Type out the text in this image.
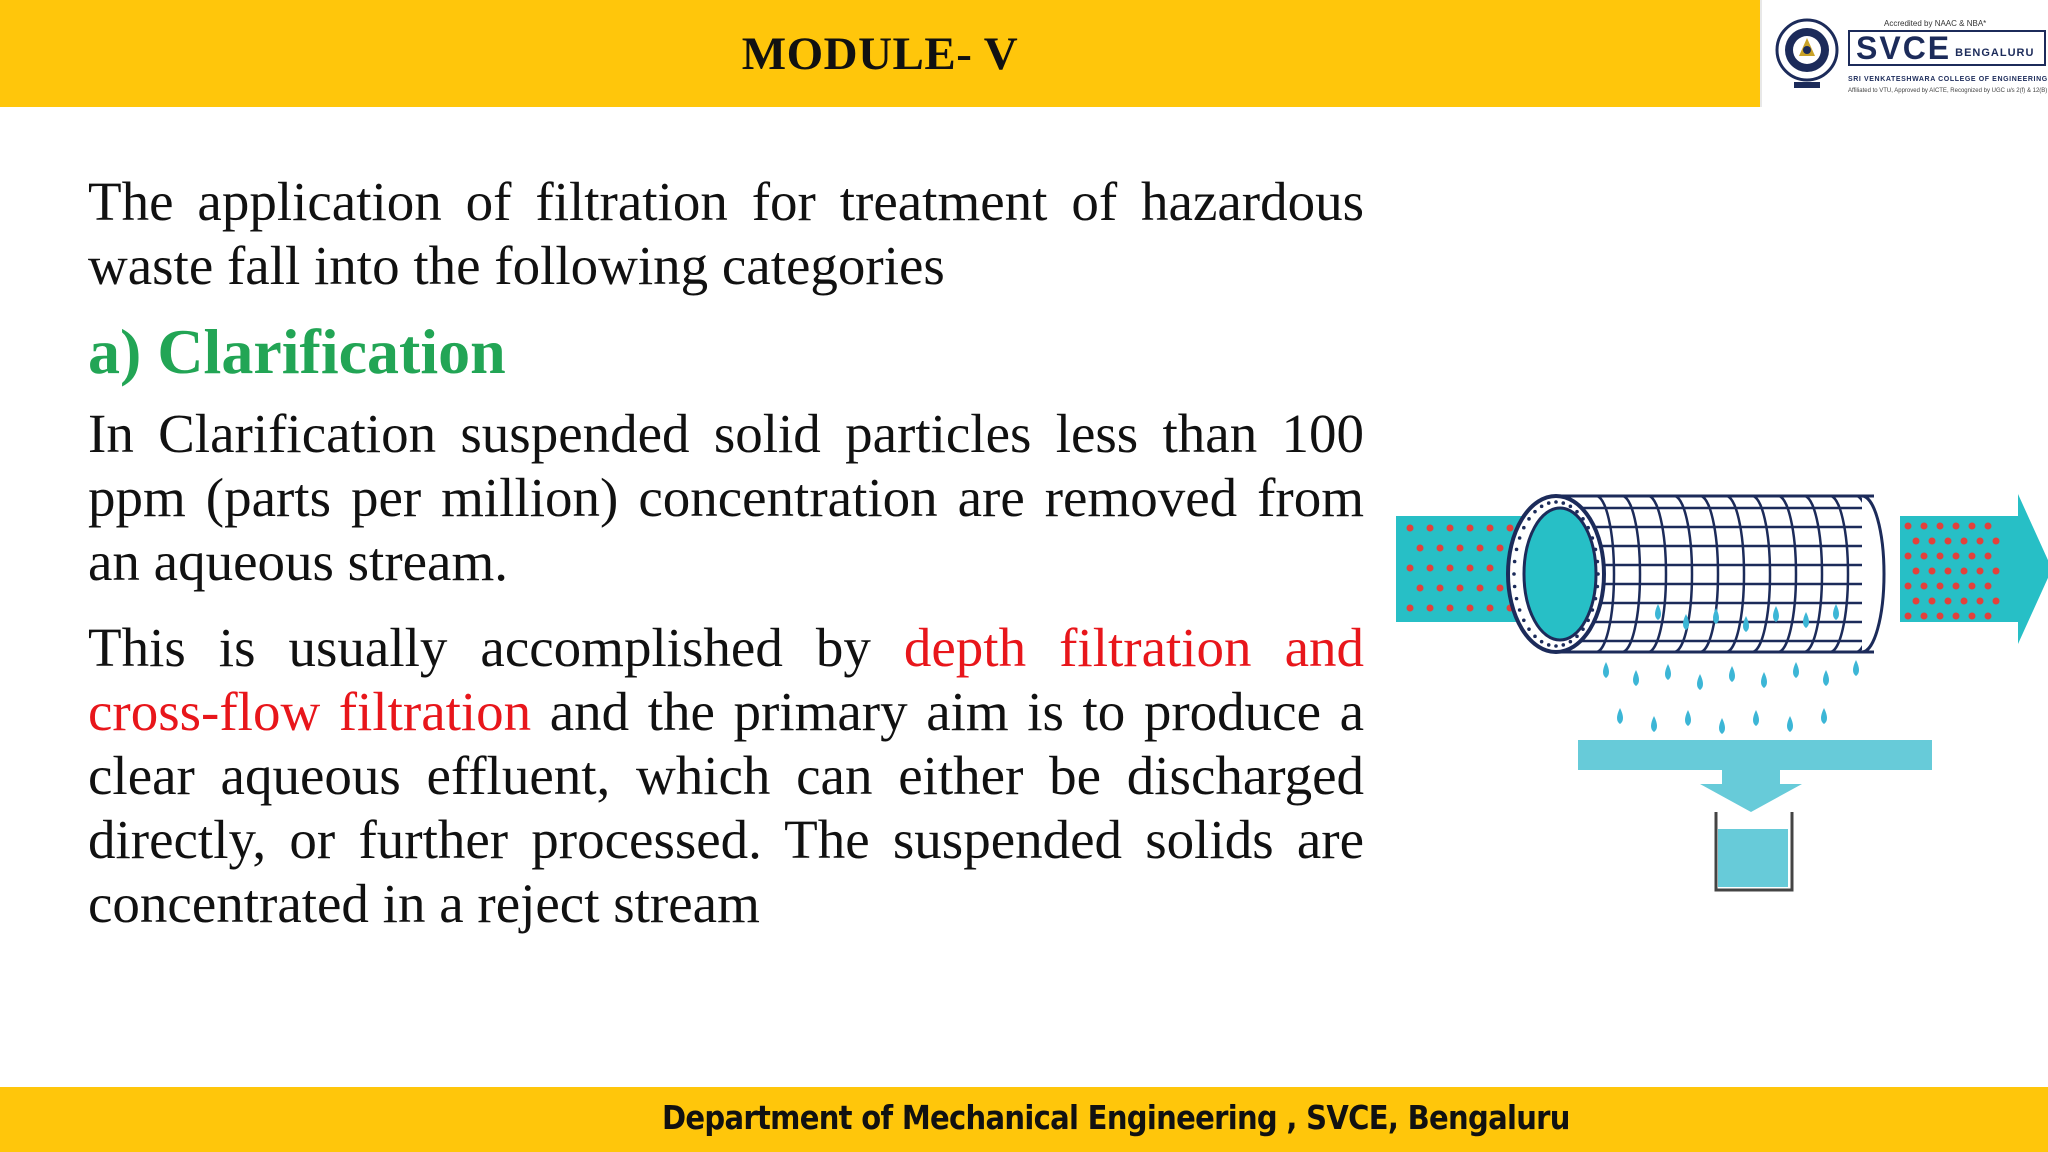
MODULE- V
Accredited by NAAC & NBA*
SVCE BENGALURU
SRI VENKATESHWARA COLLEGE OF ENGINEERING
Affiliated to VTU, Approved by AICTE, Recognized by UGC u/s 2(f) & 12(B)

The application of filtration for treatment of hazardous waste fall into the following categories

a) Clarification

In Clarification suspended solid particles less than 100 ppm (parts per million) concentration are removed from an aqueous stream.

This is usually accomplished by depth filtration and cross-flow filtration and the primary aim is to produce a clear aqueous effluent, which can either be discharged directly, or further processed. The suspended solids are concentrated in a reject stream

Department of Mechanical Engineering , SVCE, Bengaluru
